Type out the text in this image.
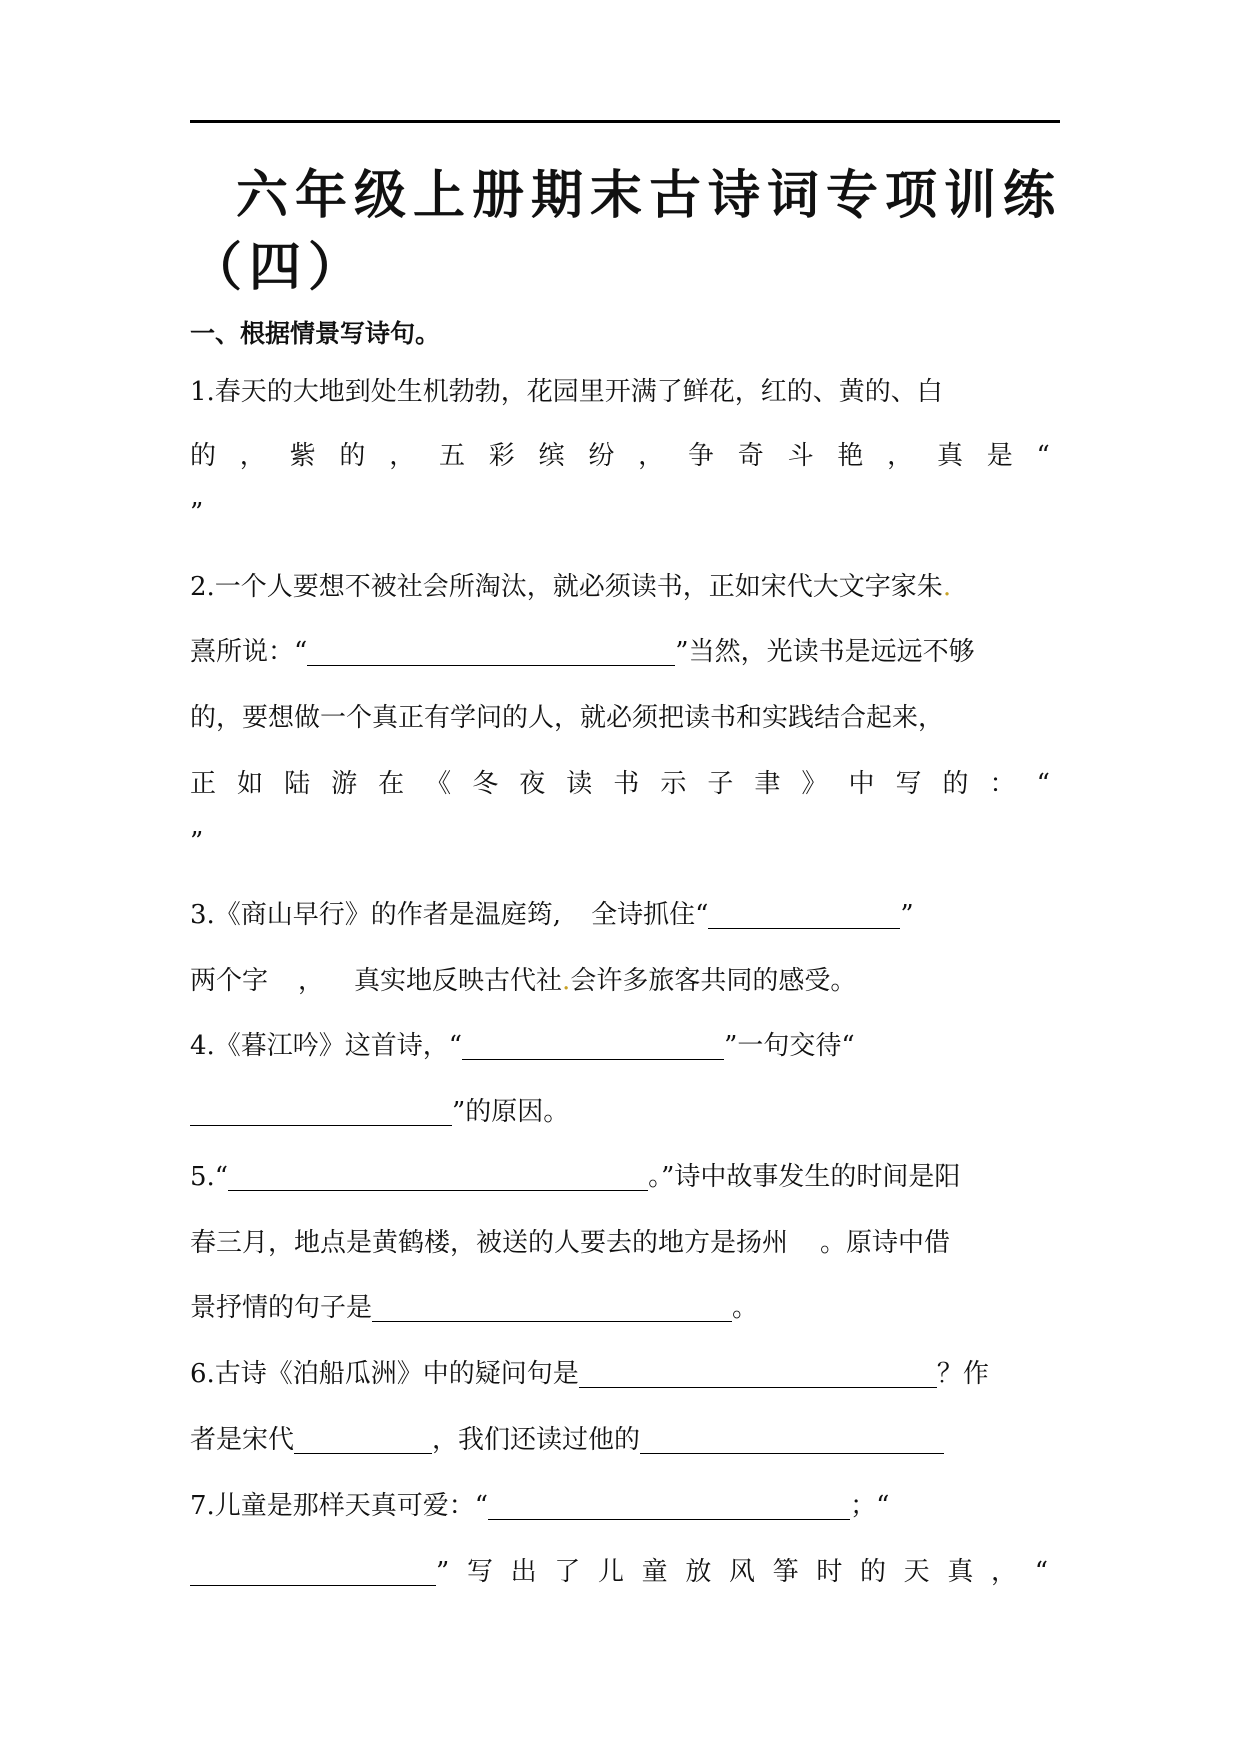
六年级上册期末古诗词专项训练
（四）
一、根据情景写诗句。
1.春天的大地到处生机勃勃，花园里开满了鲜花，红的、黄的、白
的 ， 紫 的 ， 五 彩 缤 纷 ， 争 奇 斗 艳 ， 真 是 “
”
2.一个人要想不被社会所淘汰，就必须读书，正如宋代大文字家朱.
熹所说：“	”当然，光读书是远远不够
的，要想做一个真正有学问的人，就必须把读书和实践结合起来，
正 如 陆 游 在 《 冬 夜 读 书 示 子 聿 》 中 写 的 ： “
”
3.《商山早行》的作者是温庭筠, 全诗抓住“	”
两个字 ， 真实地反映古代社.会许多旅客共同的感受。
4.《暮江吟》这首诗，“	”一句交待“
”的原因。
5.“	。”诗中故事发生的时间是阳
春三月，地点是黄鹤楼，被送的人要去的地方是扬州 。原诗中借
景抒情的句子是	。
6.古诗《泊船瓜洲》中的疑问句是	？作
者是宋代	，我们还读过他的
7.儿童是那样天真可爱：“	；“
” 写 出 了 儿 童 放 风 筝 时 的 天 真 ， “
